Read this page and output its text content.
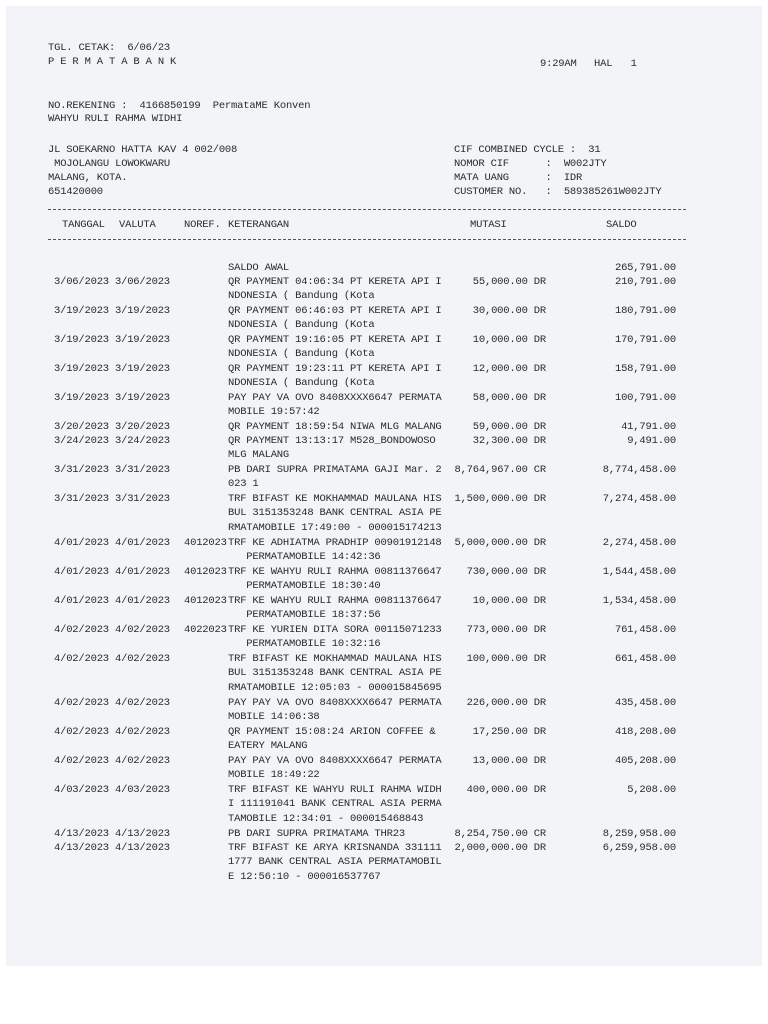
TGL. CETAK:  6/06/23
P E R M A T A B A N K	9:29AM HAL   1
NO.REKENING :  4166850199  PermataME Konven
WAHYU RULI RAHMA WIDHI
JL SOEKARNO HATTA KAV 4 002/008
MOJOLANGU LOWOKWARU
MALANG, KOTA.
651420000
CIF COMBINED CYCLE :  31
NOMOR CIF      :  W002JTY
MATA UANG      :  IDR
CUSTOMER NO.   :  589385261W002JTY
TANGGAL VALUTA	NOREF. KETERANGAN	MUTASI	SALDO
SALDO AWAL	265,791.00
3/06/2023 3/06/2023	QR PAYMENT 04:06:34 PT KERETA API I
NDONESIA ( Bandung (Kota
55,000.00 DR	210,791.00
3/19/2023 3/19/2023	QR PAYMENT 06:46:03 PT KERETA API I
NDONESIA ( Bandung (Kota
30,000.00 DR	180,791.00
3/19/2023 3/19/2023	QR PAYMENT 19:16:05 PT KERETA API I
NDONESIA ( Bandung (Kota
10,000.00 DR	170,791.00
3/19/2023 3/19/2023	QR PAYMENT 19:23:11 PT KERETA API I
NDONESIA ( Bandung (Kota
12,000.00 DR	158,791.00
3/19/2023 3/19/2023	PAY PAY VA OVO 8408XXXX6647 PERMATA
MOBILE 19:57:42
58,000.00 DR	100,791.00
3/20/2023 3/20/2023	QR PAYMENT 18:59:54 NIWA MLG MALANG	59,000.00 DR	41,791.00
3/24/2023 3/24/2023	QR PAYMENT 13:13:17 M528_BONDOWOSO
MLG MALANG
32,300.00 DR	9,491.00
3/31/2023 3/31/2023	PB DARI SUPRA PRIMATAMA GAJI Mar. 2
023 1
8,764,967.00 CR	8,774,458.00
3/31/2023 3/31/2023	TRF BIFAST KE MOKHAMMAD MAULANA HIS
BUL 3151353248 BANK CENTRAL ASIA PE
RMATAMOBILE 17:49:00 - 000015174213
1,500,000.00 DR	7,274,458.00
4/01/2023 4/01/2023 4012023 TRF KE ADHIATMA PRADHIP 00901912148
PERMATAMOBILE 14:42:36
5,000,000.00 DR	2,274,458.00
4/01/2023 4/01/2023 4012023 TRF KE WAHYU RULI RAHMA 00811376647
PERMATAMOBILE 18:30:40
730,000.00 DR	1,544,458.00
4/01/2023 4/01/2023 4012023 TRF KE WAHYU RULI RAHMA 00811376647
PERMATAMOBILE 18:37:56
10,000.00 DR	1,534,458.00
4/02/2023 4/02/2023 4022023 TRF KE YURIEN DITA SORA 00115071233
PERMATAMOBILE 10:32:16
773,000.00 DR	761,458.00
4/02/2023 4/02/2023	TRF BIFAST KE MOKHAMMAD MAULANA HIS
BUL 3151353248 BANK CENTRAL ASIA PE
RMATAMOBILE 12:05:03 - 000015845695
100,000.00 DR	661,458.00
4/02/2023 4/02/2023	PAY PAY VA OVO 8408XXXX6647 PERMATA
MOBILE 14:06:38
226,000.00 DR	435,458.00
4/02/2023 4/02/2023	QR PAYMENT 15:08:24 ARION COFFEE &
EATERY MALANG
17,250.00 DR	418,208.00
4/02/2023 4/02/2023	PAY PAY VA OVO 8408XXXX6647 PERMATA
MOBILE 18:49:22
13,000.00 DR	405,208.00
4/03/2023 4/03/2023	TRF BIFAST KE WAHYU RULI RAHMA WIDH
I 111191041 BANK CENTRAL ASIA PERMA
TAMOBILE 12:34:01 - 000015468843
400,000.00 DR	5,208.00
4/13/2023 4/13/2023	PB DARI SUPRA PRIMATAMA THR23	8,254,750.00 CR	8,259,958.00
4/13/2023 4/13/2023	TRF BIFAST KE ARYA KRISNANDA 331111
1777 BANK CENTRAL ASIA PERMATAMOBIL
E 12:56:10 - 000016537767
2,000,000.00 DR	6,259,958.00
